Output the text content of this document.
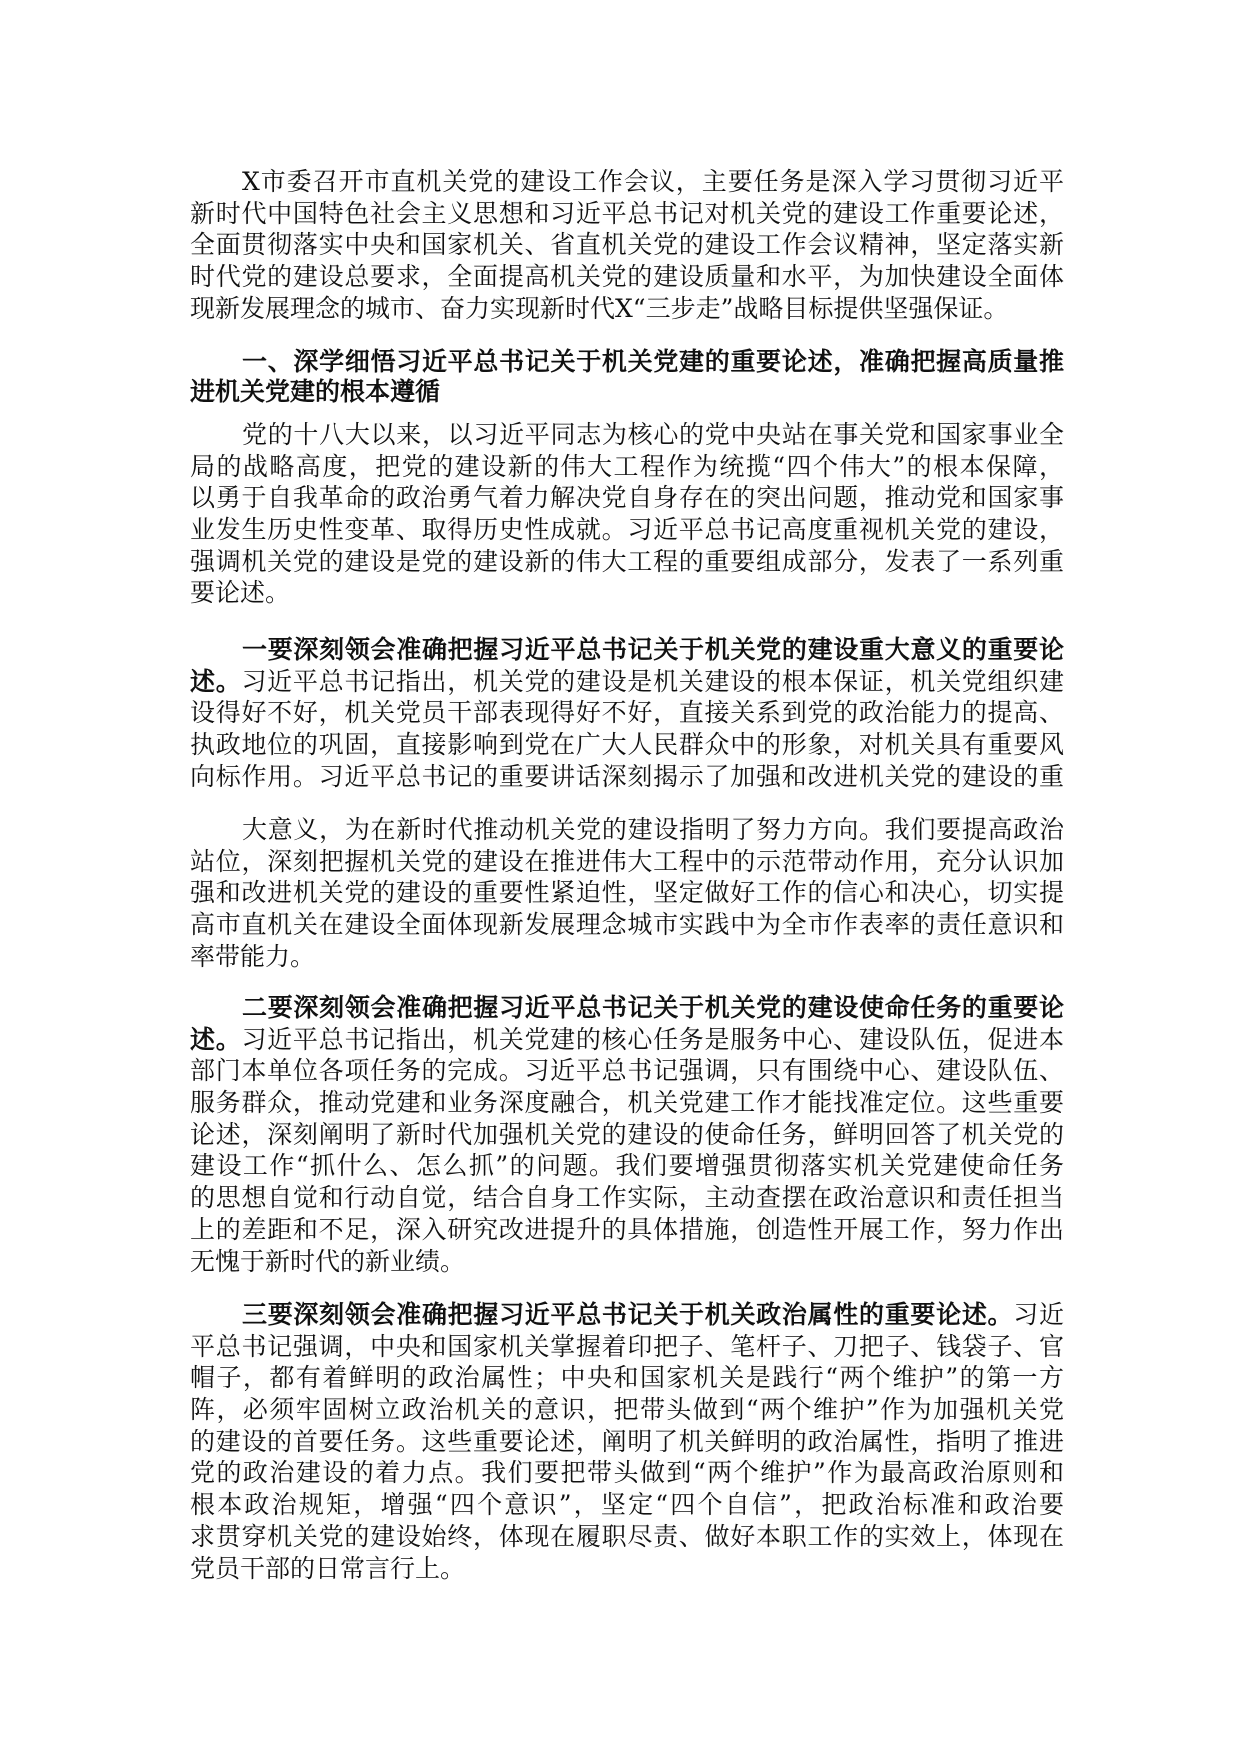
X市委召开市直机关党的建设工作会议，主要任务是深入学习贯彻习近平
新时代中国特色社会主义思想和习近平总书记对机关党的建设工作重要论述，
全面贯彻落实中央和国家机关、省直机关党的建设工作会议精神，坚定落实新
时代党的建设总要求，全面提高机关党的建设质量和水平，为加快建设全面体
现新发展理念的城市、奋力实现新时代X“三步走”战略目标提供坚强保证。
一、深学细悟习近平总书记关于机关党建的重要论述，准确把握高质量推
进机关党建的根本遵循
党的十八大以来，以习近平同志为核心的党中央站在事关党和国家事业全
局的战略高度，把党的建设新的伟大工程作为统揽“四个伟大”的根本保障，
以勇于自我革命的政治勇气着力解决党自身存在的突出问题，推动党和国家事
业发生历史性变革、取得历史性成就。习近平总书记高度重视机关党的建设，
强调机关党的建设是党的建设新的伟大工程的重要组成部分，发表了一系列重
要论述。
一要深刻领会准确把握习近平总书记关于机关党的建设重大意义的重要论
述。习近平总书记指出，机关党的建设是机关建设的根本保证，机关党组织建
设得好不好，机关党员干部表现得好不好，直接关系到党的政治能力的提高、
执政地位的巩固，直接影响到党在广大人民群众中的形象，对机关具有重要风
向标作用。习近平总书记的重要讲话深刻揭示了加强和改进机关党的建设的重
大意义，为在新时代推动机关党的建设指明了努力方向。我们要提高政治
站位，深刻把握机关党的建设在推进伟大工程中的示范带动作用，充分认识加
强和改进机关党的建设的重要性紧迫性，坚定做好工作的信心和决心，切实提
高市直机关在建设全面体现新发展理念城市实践中为全市作表率的责任意识和
率带能力。
二要深刻领会准确把握习近平总书记关于机关党的建设使命任务的重要论
述。习近平总书记指出，机关党建的核心任务是服务中心、建设队伍，促进本
部门本单位各项任务的完成。习近平总书记强调，只有围绕中心、建设队伍、
服务群众，推动党建和业务深度融合，机关党建工作才能找准定位。这些重要
论述，深刻阐明了新时代加强机关党的建设的使命任务，鲜明回答了机关党的
建设工作“抓什么、怎么抓”的问题。我们要增强贯彻落实机关党建使命任务
的思想自觉和行动自觉，结合自身工作实际，主动查摆在政治意识和责任担当
上的差距和不足，深入研究改进提升的具体措施，创造性开展工作，努力作出
无愧于新时代的新业绩。
三要深刻领会准确把握习近平总书记关于机关政治属性的重要论述。习近
平总书记强调，中央和国家机关掌握着印把子、笔杆子、刀把子、钱袋子、官
帽子，都有着鲜明的政治属性；中央和国家机关是践行“两个维护”的第一方
阵，必须牢固树立政治机关的意识，把带头做到“两个维护”作为加强机关党
的建设的首要任务。这些重要论述，阐明了机关鲜明的政治属性，指明了推进
党的政治建设的着力点。我们要把带头做到“两个维护”作为最高政治原则和
根本政治规矩，增强“四个意识”，坚定“四个自信”，把政治标准和政治要
求贯穿机关党的建设始终，体现在履职尽责、做好本职工作的实效上，体现在
党员干部的日常言行上。
